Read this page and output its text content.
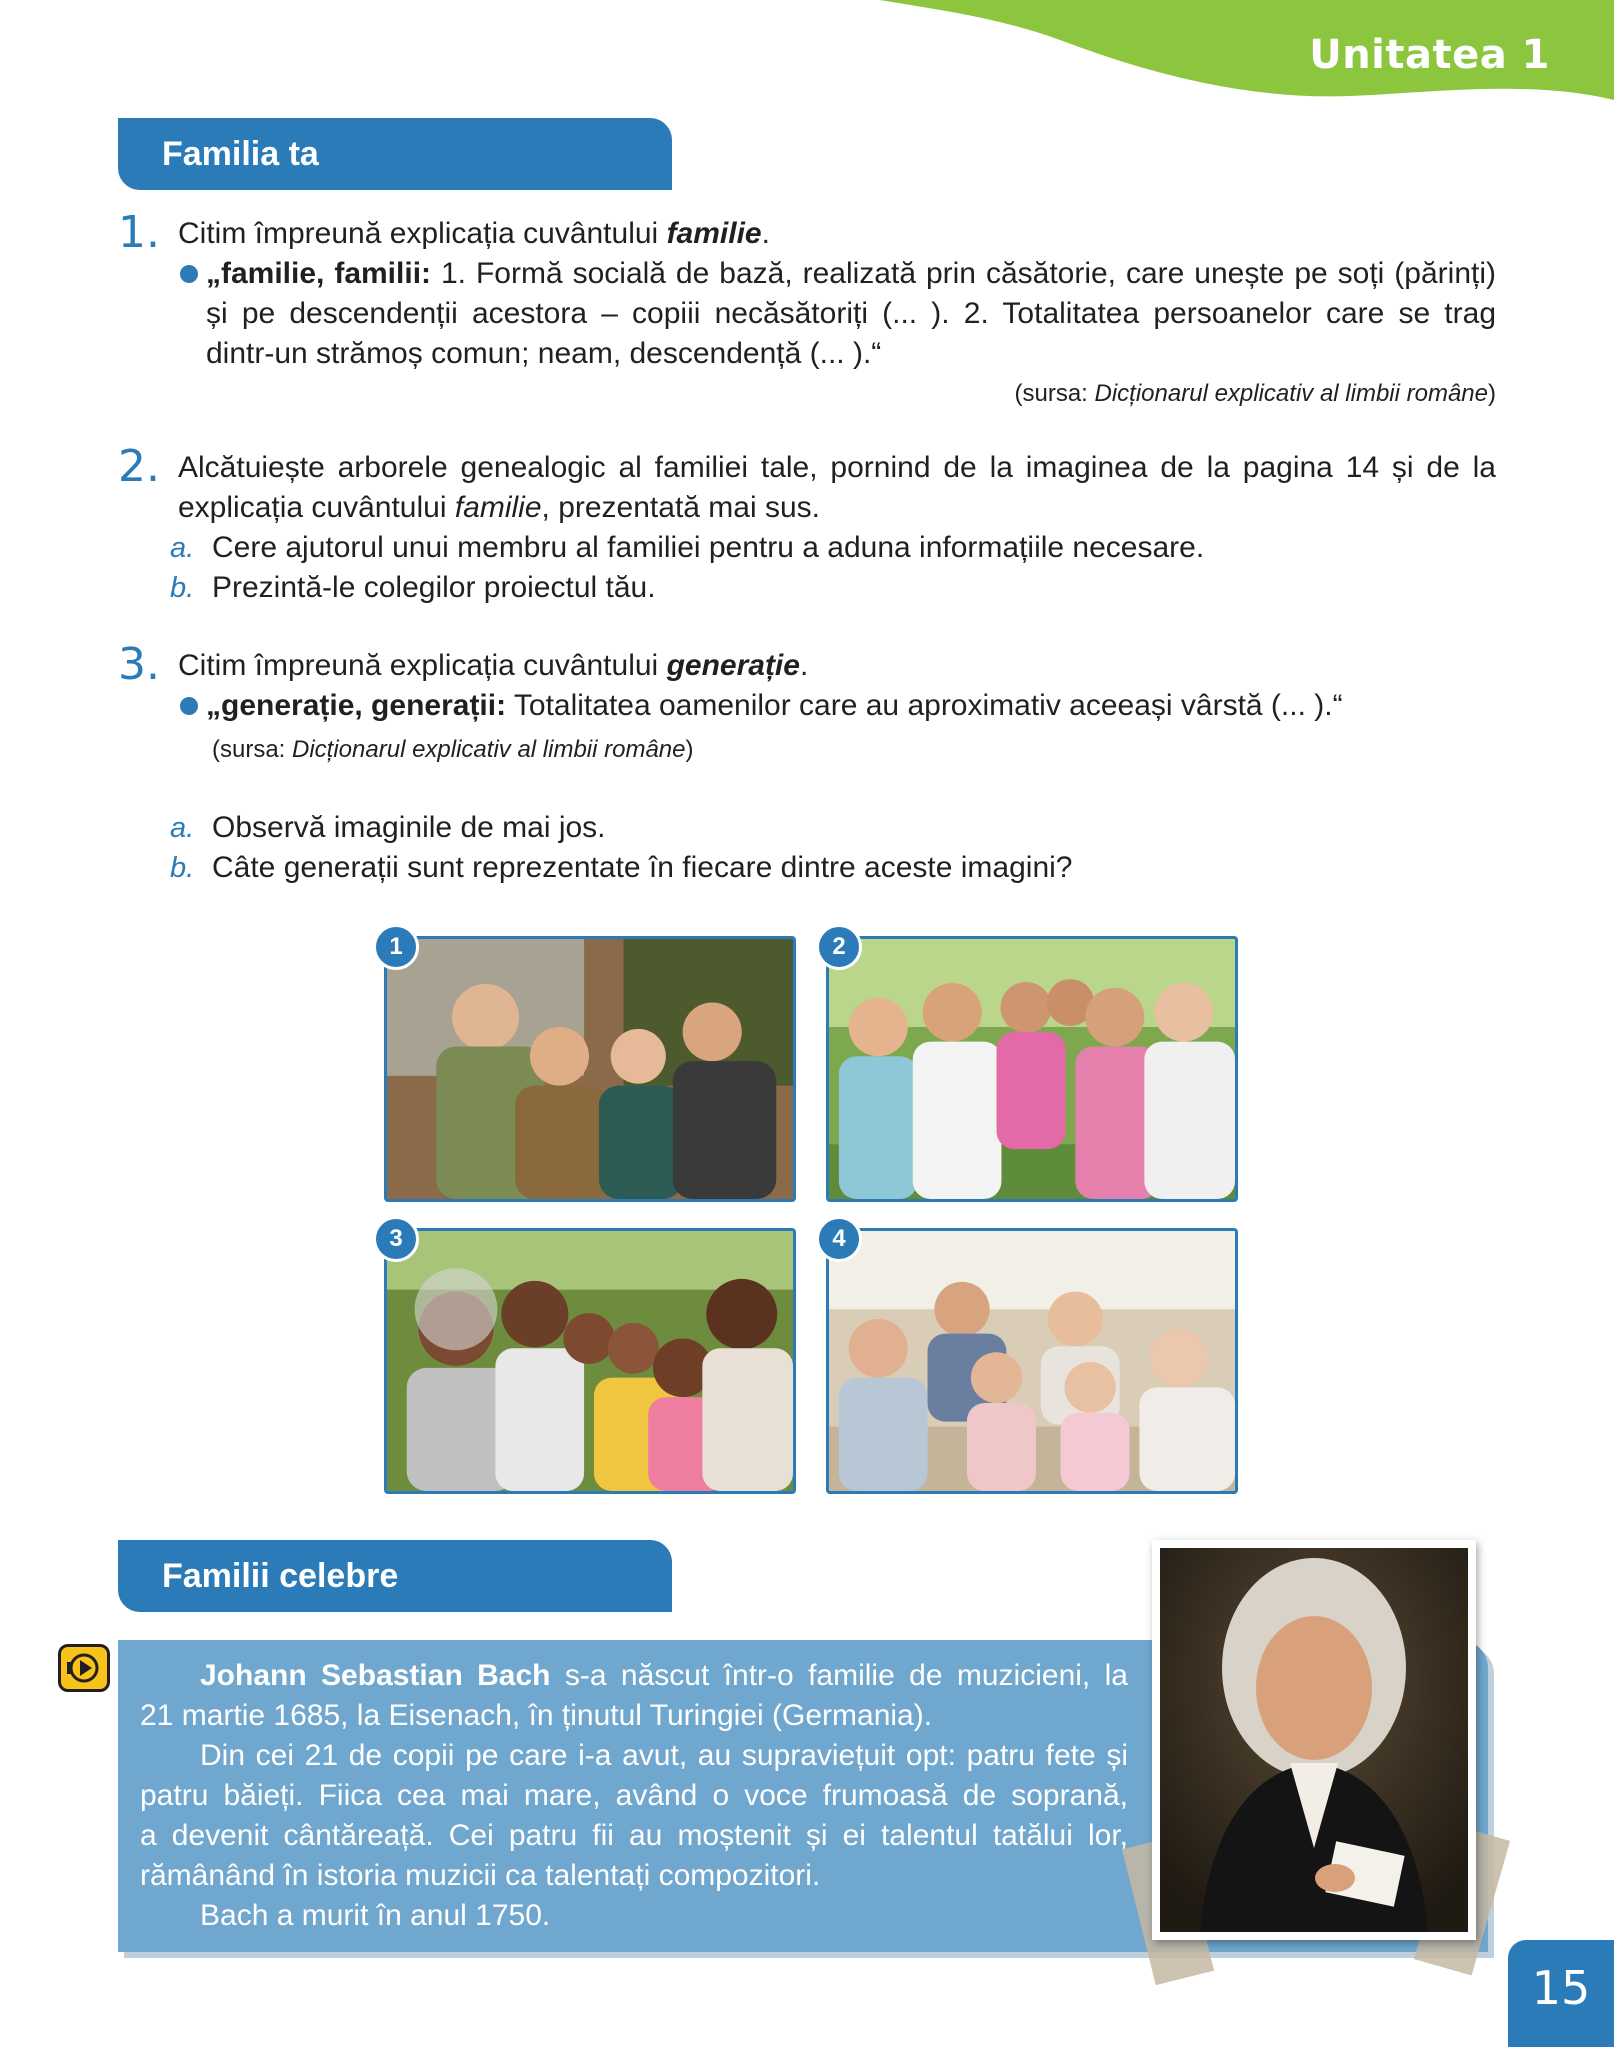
Unitatea 1
Familia ta
1. Citim împreună explicația cuvântului familie.
„familie, familii: 1. Formă socială de bază, realizată prin căsătorie, care unește pe soți (părinți)
și pe descendenții acestora – copiii necăsătoriți (... ). 2. Totalitatea persoanelor care se trag
dintr-un strămoș comun; neam, descendență (... ).“
(sursa: Dicționarul explicativ al limbii române)
2. Alcătuiește arborele genealogic al familiei tale, pornind de la imaginea de la pagina 14 și de la
explicația cuvântului familie, prezentată mai sus.
a. Cere ajutorul unui membru al familiei pentru a aduna informațiile necesare.
b. Prezintă-le colegilor proiectul tău.
3. Citim împreună explicația cuvântului generație.
„generație, generații: Totalitatea oamenilor care au aproximativ aceeași vârstă (... ).“
(sursa: Dicționarul explicativ al limbii române)
a. Observă imaginile de mai jos.
b. Câte generații sunt reprezentate în fiecare dintre aceste imagini?
1	2
3	4
Familii celebre
Johann Sebastian Bach s-a născut într-o familie de muzicieni, la
21 martie 1685, la Eisenach, în ținutul Turingiei (Germania).
Din cei 21 de copii pe care i-a avut, au supraviețuit opt: patru fete și
patru băieți. Fiica cea mai mare, având o voce frumoasă de soprană,
a devenit cântăreață. Cei patru fii au moștenit și ei talentul tatălui lor,
rămânând în istoria muzicii ca talentați compozitori.
Bach a murit în anul 1750.
15
